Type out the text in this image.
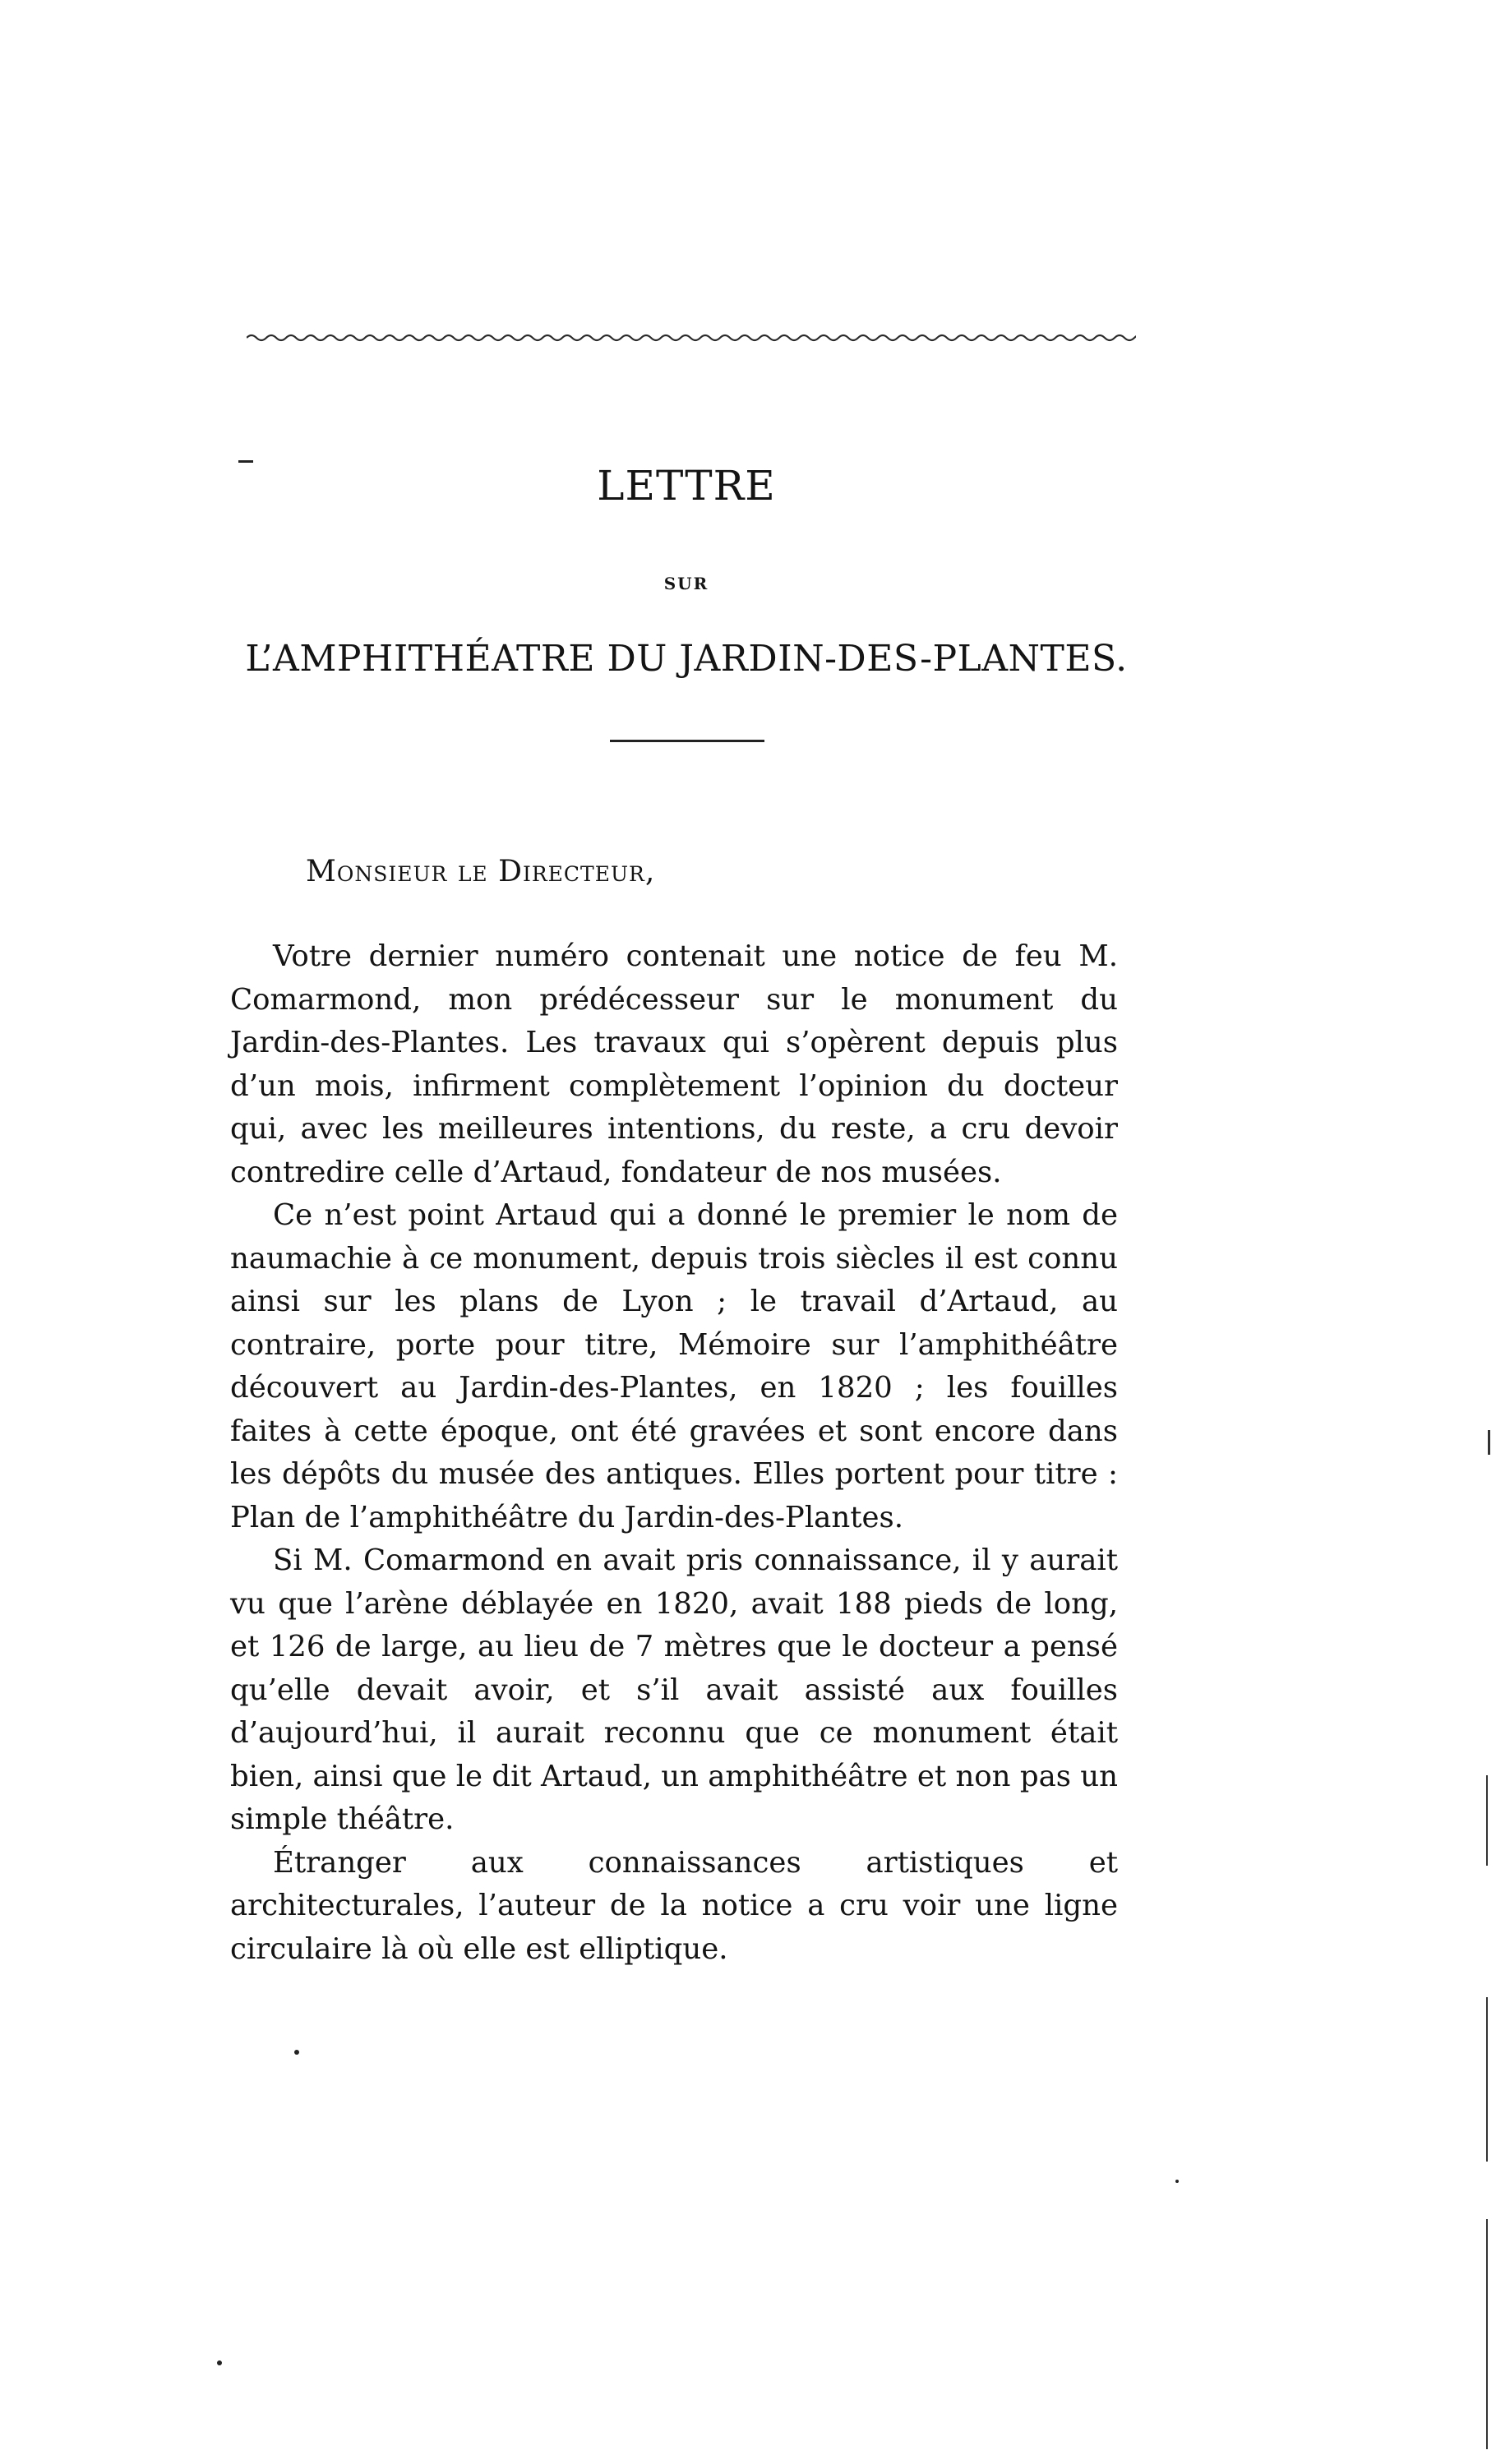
LETTRE
SUR
L’AMPHITHÉATRE DU JARDIN-DES-PLANTES.
Monsieur le Directeur,

Votre dernier numéro contenait une notice de feu M. Comarmond, mon prédécesseur sur le monument du Jardin-des-Plantes. Les travaux qui s’opèrent depuis plus d’un mois, infirment complètement l’opinion du docteur qui, avec les meilleures intentions, du reste, a cru devoir contredire celle d’Artaud, fondateur de nos musées.

Ce n’est point Artaud qui a donné le premier le nom de naumachie à ce monument, depuis trois siècles il est connu ainsi sur les plans de Lyon ; le travail d’Artaud, au contraire, porte pour titre, Mémoire sur l’amphithéâtre découvert au Jardin-des-Plantes, en 1820 ; les fouilles faites à cette époque, ont été gravées et sont encore dans les dépôts du musée des antiques. Elles portent pour titre : Plan de l’amphithéâtre du Jardin-des-Plantes.

Si M. Comarmond en avait pris connaissance, il y aurait vu que l’arène déblayée en 1820, avait 188 pieds de long, et 126 de large, au lieu de 7 mètres que le docteur a pensé qu’elle devait avoir, et s’il avait assisté aux fouilles d’aujourd’hui, il aurait reconnu que ce monument était bien, ainsi que le dit Artaud, un amphithéâtre et non pas un simple théâtre.

Étranger aux connaissances artistiques et architecturales, l’auteur de la notice a cru voir une ligne circulaire là où elle est elliptique.
